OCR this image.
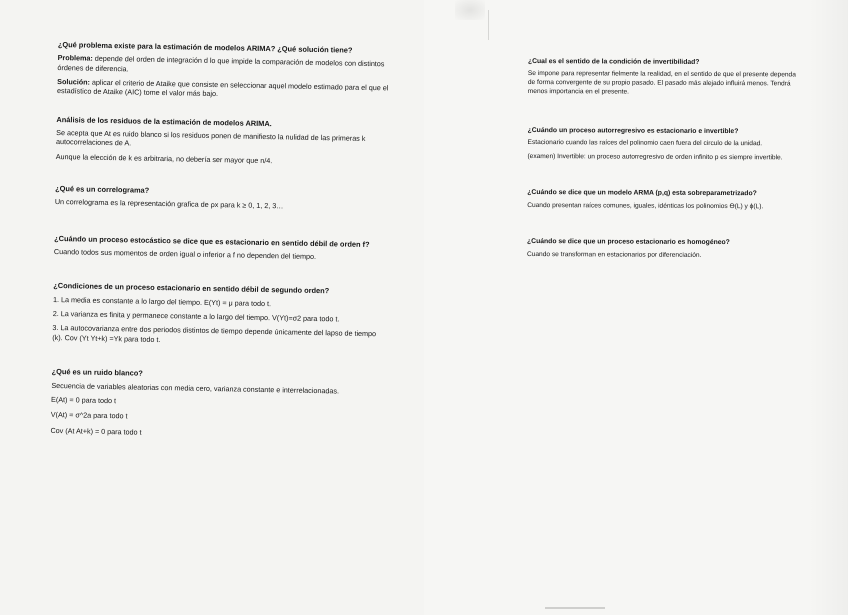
¿Qué problema existe para la estimación de modelos ARIMA? ¿Qué solución tiene?

Problema: depende del orden de integración d lo que impide la comparación de modelos con distintos órdenes de diferencia.

Solución: aplicar el criterio de Ataike que consiste en seleccionar aquel modelo estimado para el que el estadístico de Ataike (AIC) tome el valor más bajo.

Análisis de los residuos de la estimación de modelos ARIMA.

Se acepta que At es ruido blanco si los residuos ponen de manifiesto la nulidad de las primeras k autocorrelaciones de A.

Aunque la elección de k es arbitraria, no debería ser mayor que n/4.

¿Qué es un correlograma?

Un correlograma es la representación grafica de ρx para k ≥ 0, 1, 2, 3…

¿Cuándo un proceso estocástico se dice que es estacionario en sentido débil de orden f?

Cuando todos sus momentos de orden igual o inferior a f no dependen del tiempo.

¿Condiciones de un proceso estacionario en sentido débil de segundo orden?

1. La media es constante a lo largo del tiempo. E(Yt) = μ para todo t.

2. La varianza es finita y permanece constante a lo largo del tiempo. V(Yt)=σ2 para todo t.

3. La autocovarianza entre dos periodos distintos de tiempo depende únicamente del lapso de tiempo (k). Cov (Yt Yt+k) =Yk para todo t.

¿Qué es un ruido blanco?

Secuencia de variables aleatorias con media cero, varianza constante e interrelacionadas.

E(At) = 0 para todo t

V(At) = σ^2a para todo t

Cov (At At+k) = 0 para todo t

¿Cual es el sentido de la condición de invertibilidad?

Se impone para representar fielmente la realidad, en el sentido de que el presente dependa de forma convergente de su propio pasado. El pasado más alejado influirá menos. Tendrá menos importancia en el presente.

¿Cuándo un proceso autorregresivo es estacionario e invertible?

Estacionario cuando las raíces del polinomio caen fuera del circulo de la unidad.

(examen) Invertible: un proceso autorregresivo de orden infinito p es siempre invertible.

¿Cuándo se dice que un modelo ARMA (p,q) esta sobreparametrizado?

Cuando presentan raíces comunes, iguales, idénticas los polinomios ϴ(L) y ϕ(L).

¿Cuándo se dice que un proceso estacionario es homogéneo?

Cuando se transforman en estacionarios por diferenciación.
